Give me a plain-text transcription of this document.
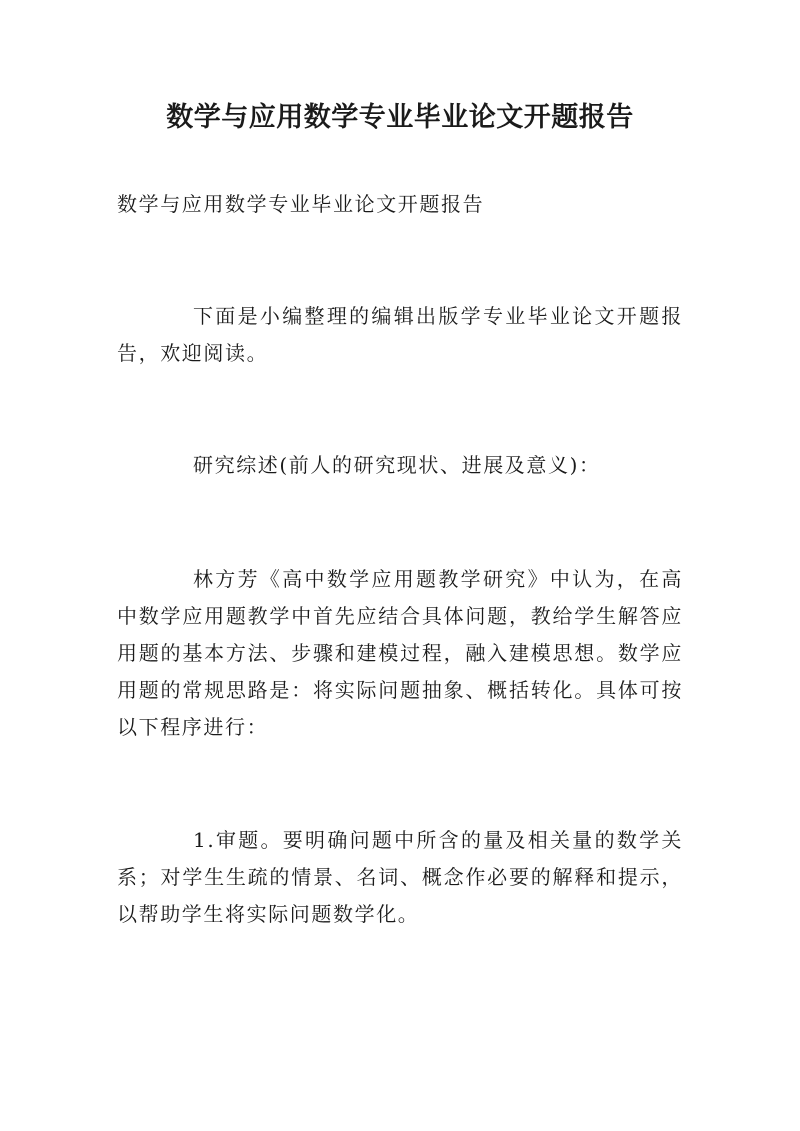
数学与应用数学专业毕业论文开题报告

数学与应用数学专业毕业论文开题报告

下面是小编整理的编辑出版学专业毕业论文开题报告，欢迎阅读。

研究综述(前人的研究现状、进展及意义)：

林方芳《高中数学应用题教学研究》中认为，在高中数学应用题教学中首先应结合具体问题，教给学生解答应用题的基本方法、步骤和建模过程，融入建模思想。数学应用题的常规思路是：将实际问题抽象、概括转化。具体可按以下程序进行：

1.审题。要明确问题中所含的量及相关量的数学关系；对学生生疏的情景、名词、概念作必要的解释和提示，以帮助学生将实际问题数学化。
